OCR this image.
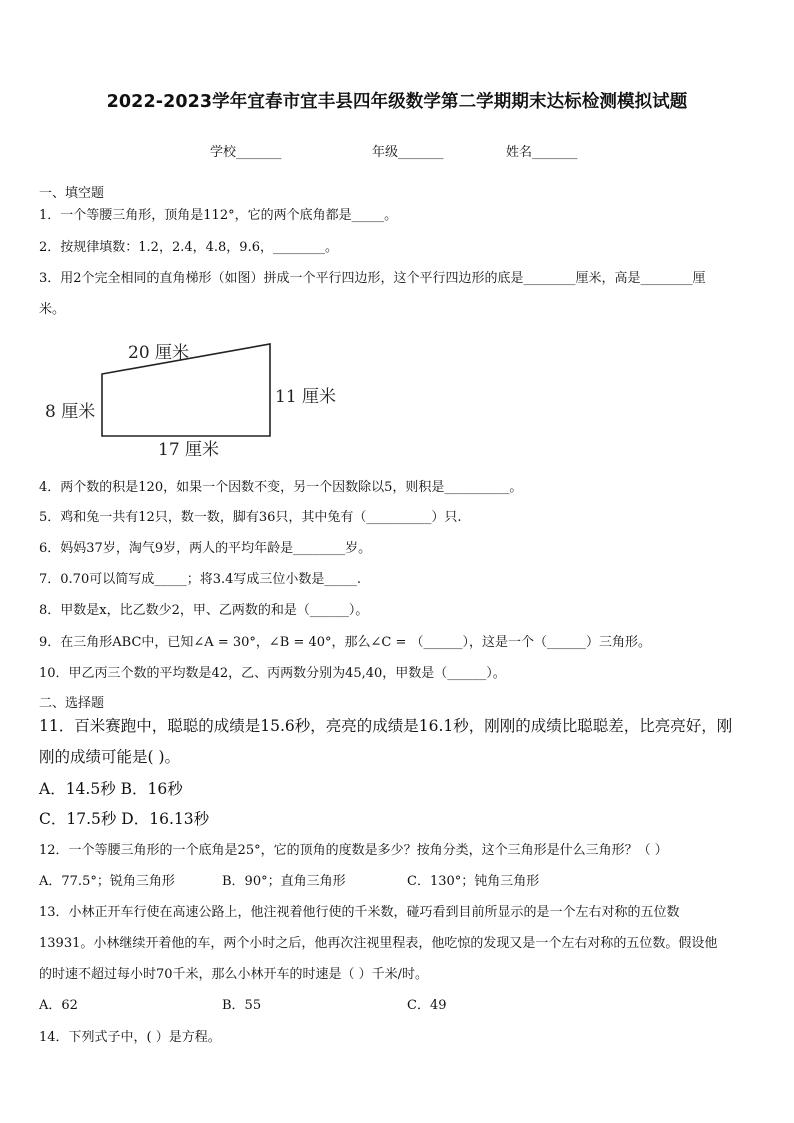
2022-2023学年宜春市宜丰县四年级数学第二学期期末达标检测模拟试题
学校_______	年级_______	姓名_______
一、填空题
1．一个等腰三角形，顶角是112°，它的两个底角都是_____。
2．按规律填数：1.2，2.4，4.8，9.6，________。
3．用2个完全相同的直角梯形（如图）拼成一个平行四边形，这个平行四边形的底是________厘米，高是________厘
米。
20 厘米
8 厘米
11 厘米
17 厘米
4．两个数的积是120，如果一个因数不变，另一个因数除以5，则积是__________。
5．鸡和兔一共有12只，数一数，脚有36只，其中兔有（__________）只.
6．妈妈37岁，淘气9岁，两人的平均年龄是________岁。
7．0.70可以简写成_____；将3.4写成三位小数是_____.
8．甲数是x，比乙数少2，甲、乙两数的和是（______）。
9．在三角形ABC中，已知∠A = 30°，∠B = 40°，那么∠C = （______），这是一个（______）三角形。
10．甲乙丙三个数的平均数是42，乙、丙两数分别为45,40，甲数是（______）。
二、选择题
11．百米赛跑中，聪聪的成绩是15.6秒，亮亮的成绩是16.1秒，刚刚的成绩比聪聪差，比亮亮好，刚
刚的成绩可能是( )。
A．14.5秒 B．16秒
C．17.5秒 D．16.13秒
12．一个等腰三角形的一个底角是25°，它的顶角的度数是多少？按角分类，这个三角形是什么三角形？（ ）
A．77.5°；锐角三角形	B．90°；直角三角形	C．130°；钝角三角形
13．小林正开车行使在高速公路上，他注视着他行使的千米数，碰巧看到目前所显示的是一个左右对称的五位数
13931。小林继续开着他的车，两个小时之后，他再次注视里程表，他吃惊的发现又是一个左右对称的五位数。假设他
的时速不超过每小时70千米，那么小林开车的时速是（ ）千米/时。
A．62	B．55	C．49
14．下列式子中，( ）是方程。
